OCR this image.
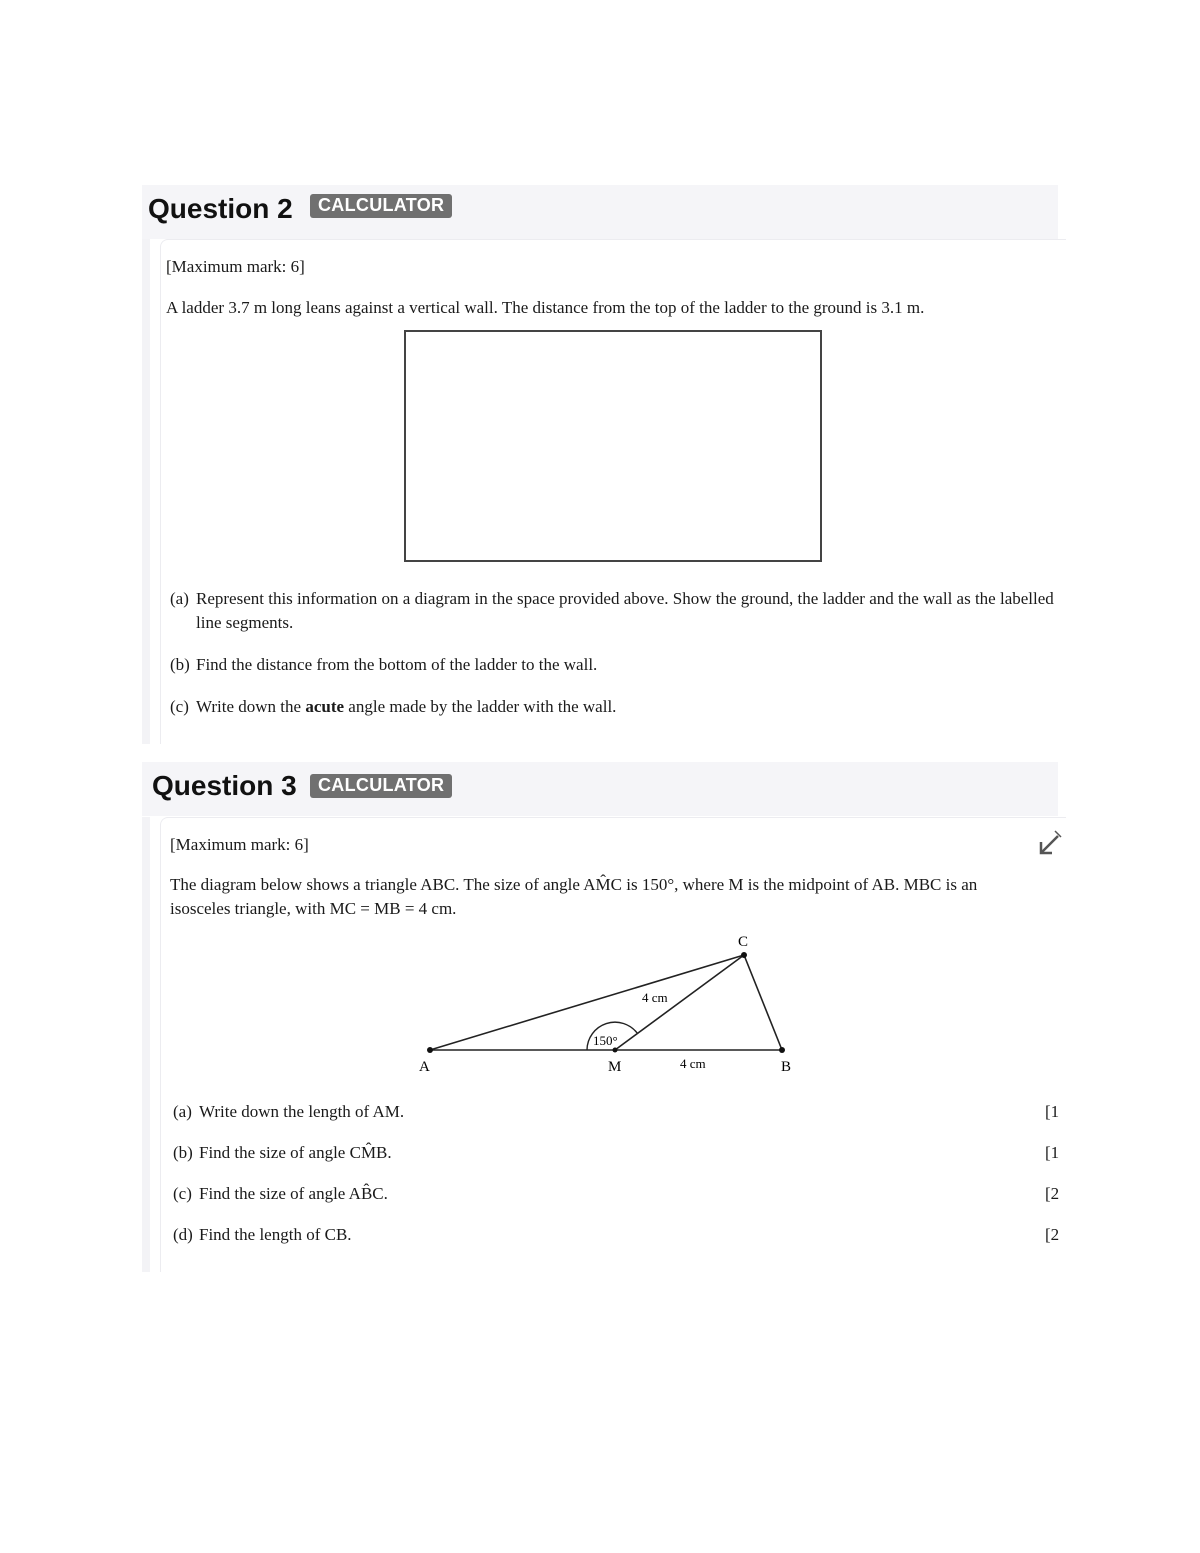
Question 2	CALCULATOR
[Maximum mark: 6]
A ladder 3.7 m long leans against a vertical wall. The distance from the top of the ladder to the ground is 3.1 m.
(a) Represent this information on a diagram in the space provided above. Show the ground, the ladder and the wall as the labelled line segments.
(b) Find the distance from the bottom of the ladder to the wall.
(c) Write down the acute angle made by the ladder with the wall.
Question 3	CALCULATOR
[Maximum mark: 6]
The diagram below shows a triangle ABC. The size of angle AM̂C is 150°, where M is the midpoint of AB. MBC is an isosceles triangle, with MC = MB = 4 cm.
A	M	B
C
150°
4 cm
4 cm
(a) Write down the length of AM.	[1
(b) Find the size of angle CM̂B.	[1
(c) Find the size of angle AB̂C.	[2
(d) Find the length of CB.	[2
